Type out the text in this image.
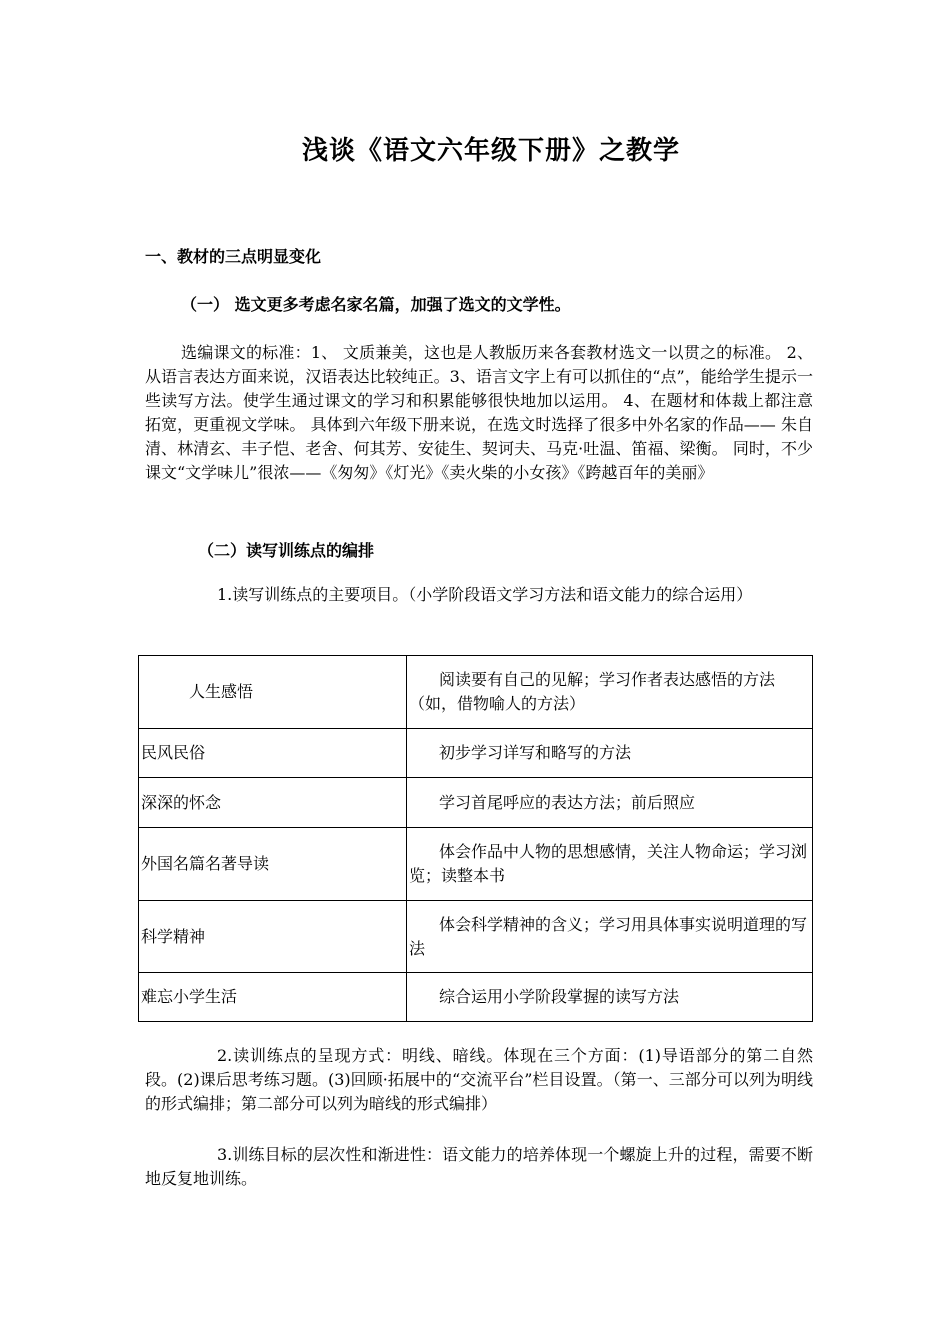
浅谈《语文六年级下册》之教学
一、教材的三点明显变化
（一） 选文更多考虑名家名篇，加强了选文的文学性。
选编课文的标准：1、 文质兼美，这也是人教版历来各套教材选文一以贯之的标准。 2、从语言表达方面来说，汉语表达比较纯正。3、语言文字上有可以抓住的“点”，能给学生提示一些读写方法。使学生通过课文的学习和积累能够很快地加以运用。 4、在题材和体裁上都注意拓宽，更重视文学味。 具体到六年级下册来说，在选文时选择了很多中外名家的作品—— 朱自清、林清玄、丰子恺、老舍、何其芳、安徒生、契诃夫、马克·吐温、笛福、梁衡。 同时，不少课文“文学味儿”很浓——《匆匆》《灯光》《卖火柴的小女孩》《跨越百年的美丽》
（二）读写训练点的编排
1.读写训练点的主要项目。（小学阶段语文学习方法和语文能力的综合运用）
人生感悟	阅读要有自己的见解；学习作者表达感悟的方法（如，借物喻人的方法）
民风民俗	初步学习详写和略写的方法
深深的怀念	学习首尾呼应的表达方法；前后照应
外国名篇名著导读	体会作品中人物的思想感情，关注人物命运；学习浏览；读整本书
科学精神	体会科学精神的含义；学习用具体事实说明道理的写法
难忘小学生活	综合运用小学阶段掌握的读写方法
2.读训练点的呈现方式：明线、暗线。体现在三个方面：(1)导语部分的第二自然段。(2)课后思考练习题。(3)回顾·拓展中的“交流平台”栏目设置。（第一、三部分可以列为明线的形式编排；第二部分可以列为暗线的形式编排）
3.训练目标的层次性和渐进性：语文能力的培养体现一个螺旋上升的过程，需要不断地反复地训练。
